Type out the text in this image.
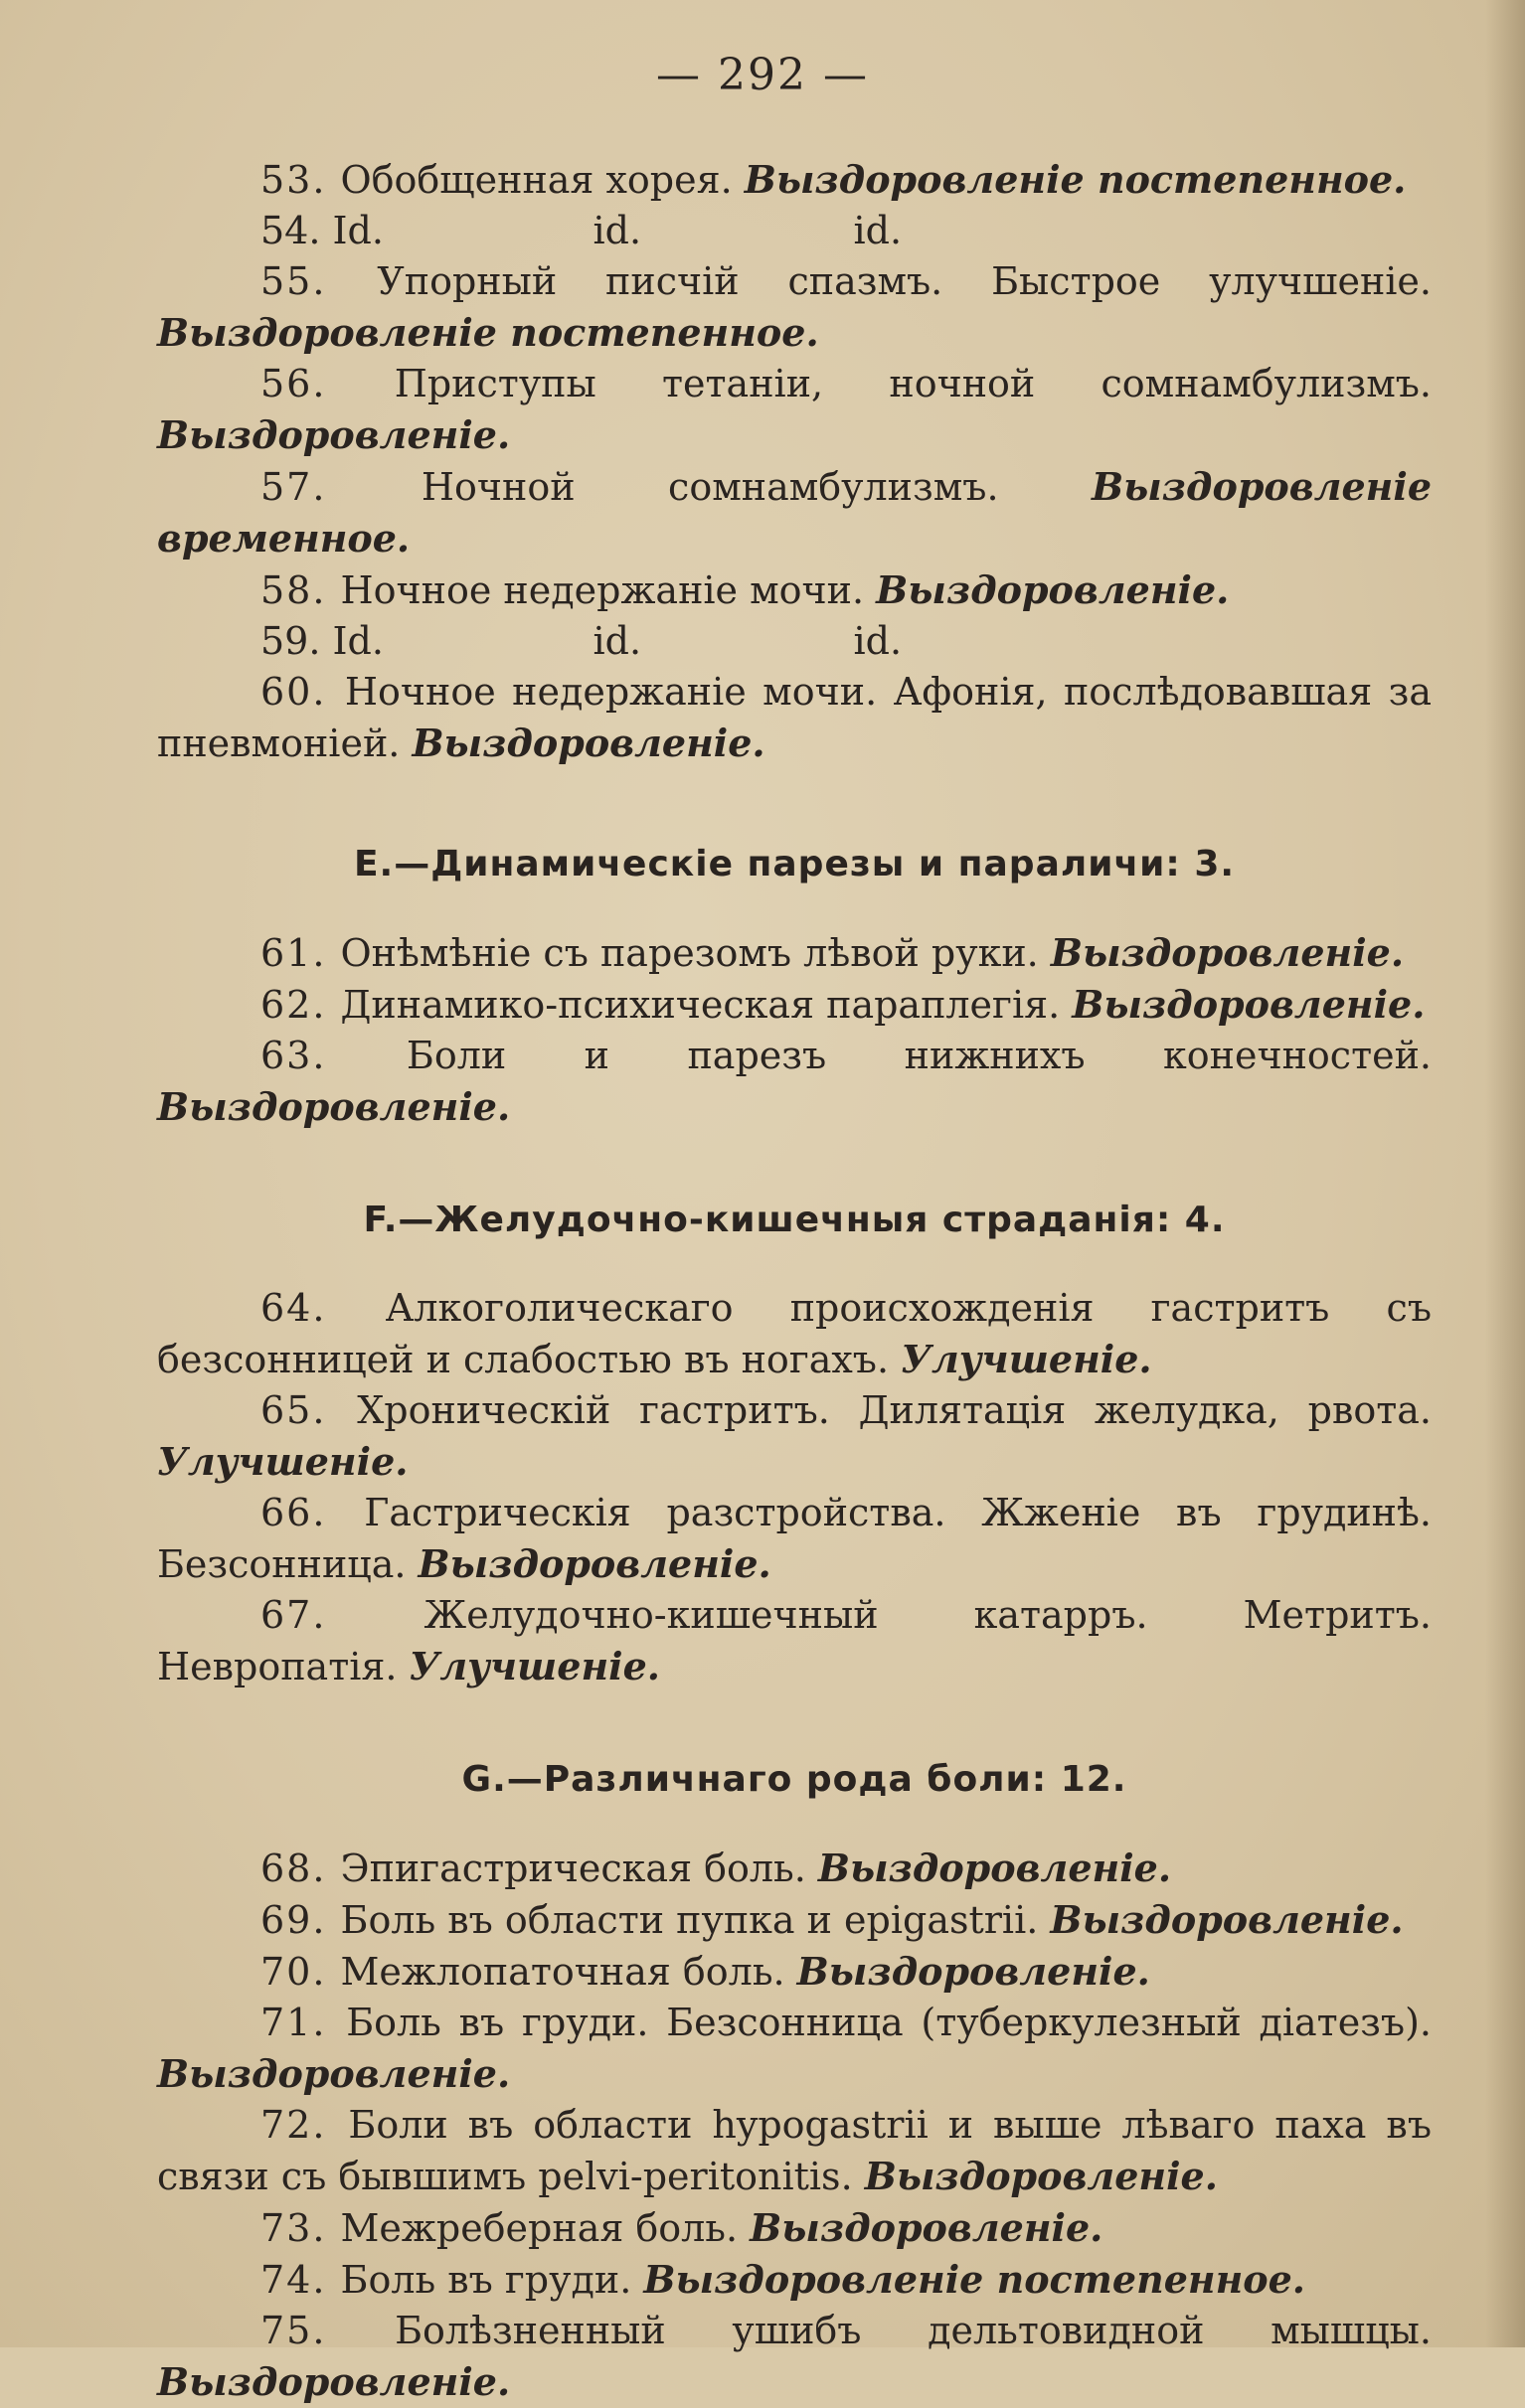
— 292 —

53. Обобщенная хорея. Выздоровленіе постепенное.

54. Id.	id.	id.

55. Упорный писчій спазмъ. Быстрое улучшеніе. Выздоровленіе постепенное.

56. Приступы тетаніи, ночной сомнамбулизмъ. Выздоровленіе.

57. Ночной сомнамбулизмъ. Выздоровленіе временное.

58. Ночное недержаніе мочи. Выздоровленіе.

59. Id.	id.	id.

60. Ночное недержаніе мочи. Афонія, послѣдовавшая за пневмоніей. Выздоровленіе.

E.—Динамическіе парезы и параличи: 3.

61. Онѣмѣніе съ парезомъ лѣвой руки. Выздоровленіе.

62. Динамико-психическая параплегія. Выздоровленіе.

63. Боли и парезъ нижнихъ конечностей. Выздоровленіе.

F.—Желудочно-кишечныя страданія: 4.

64. Алкоголическаго происхожденія гастритъ съ безсонницей и слабостью въ ногахъ. Улучшеніе.

65. Хроническій гастритъ. Дилятація желудка, рвота. Улучшеніе.

66. Гастрическія разстройства. Жженіе въ грудинѣ. Безсонница. Выздоровленіе.

67. Желудочно-кишечный катарръ. Метритъ. Невропатія. Улучшеніе.

G.—Различнаго рода боли: 12.

68. Эпигастрическая боль. Выздоровленіе.

69. Боль въ области пупка и epigastrii. Выздоровленіе.

70. Межлопаточная боль. Выздоровленіе.

71. Боль въ груди. Безсонница (туберкулезный діатезъ). Выздоровленіе.

72. Боли въ области hypogastrii и выше лѣваго паха въ связи съ бывшимъ pelvi-peritonitis. Выздоровленіе.

73. Межреберная боль. Выздоровленіе.

74. Боль въ груди. Выздоровленіе постепенное.

75. Болѣзненный ушибъ дельтовидной мышцы. Выздоровленіе.
